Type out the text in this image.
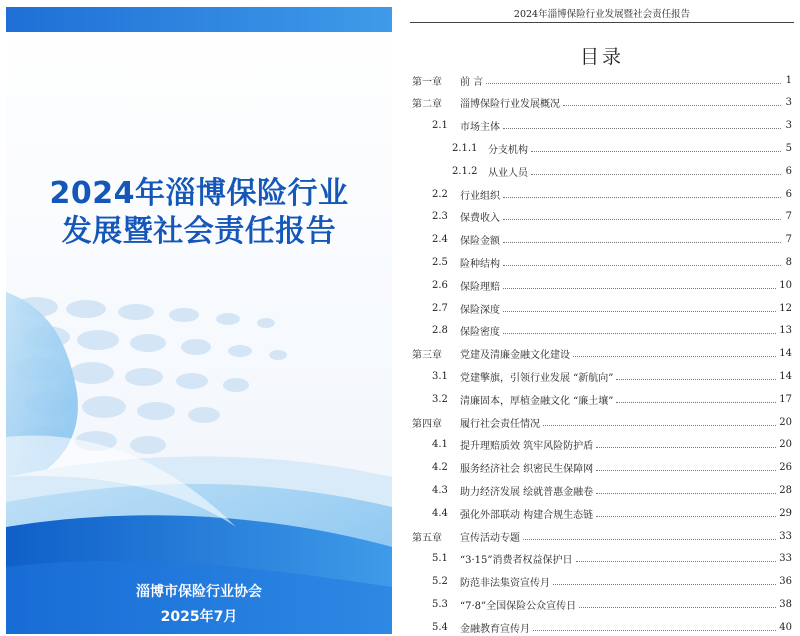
2024年淄博保险行业
发展暨社会责任报告
淄博市保险行业协会
2025年7月
2024年淄博保险行业发展暨社会责任报告
目录
第一章	前 言	1
第二章	淄博保险行业发展概况	3
2.1	市场主体	3
2.1.1	分支机构	5
2.1.2	从业人员	6
2.2	行业组织	6
2.3	保费收入	7
2.4	保险金额	7
2.5	险种结构	8
2.6	保险理赔	10
2.7	保险深度	12
2.8	保险密度	13
第三章	党建及清廉金融文化建设	14
3.1	党建擎旗，引领行业发展 “新航向”	14
3.2	清廉固本，厚植金融文化 “廉土壤”	17
第四章	履行社会责任情况	20
4.1	提升理赔质效 筑牢风险防护盾	20
4.2	服务经济社会 织密民生保障网	26
4.3	助力经济发展 绘就普惠金融卷	28
4.4	强化外部联动 构建合规生态链	29
第五章	宣传活动专题	33
5.1	“3·15”消费者权益保护日	33
5.2	防范非法集资宣传月	36
5.3	“7·8”全国保险公众宣传日	38
5.4	金融教育宣传月	40
